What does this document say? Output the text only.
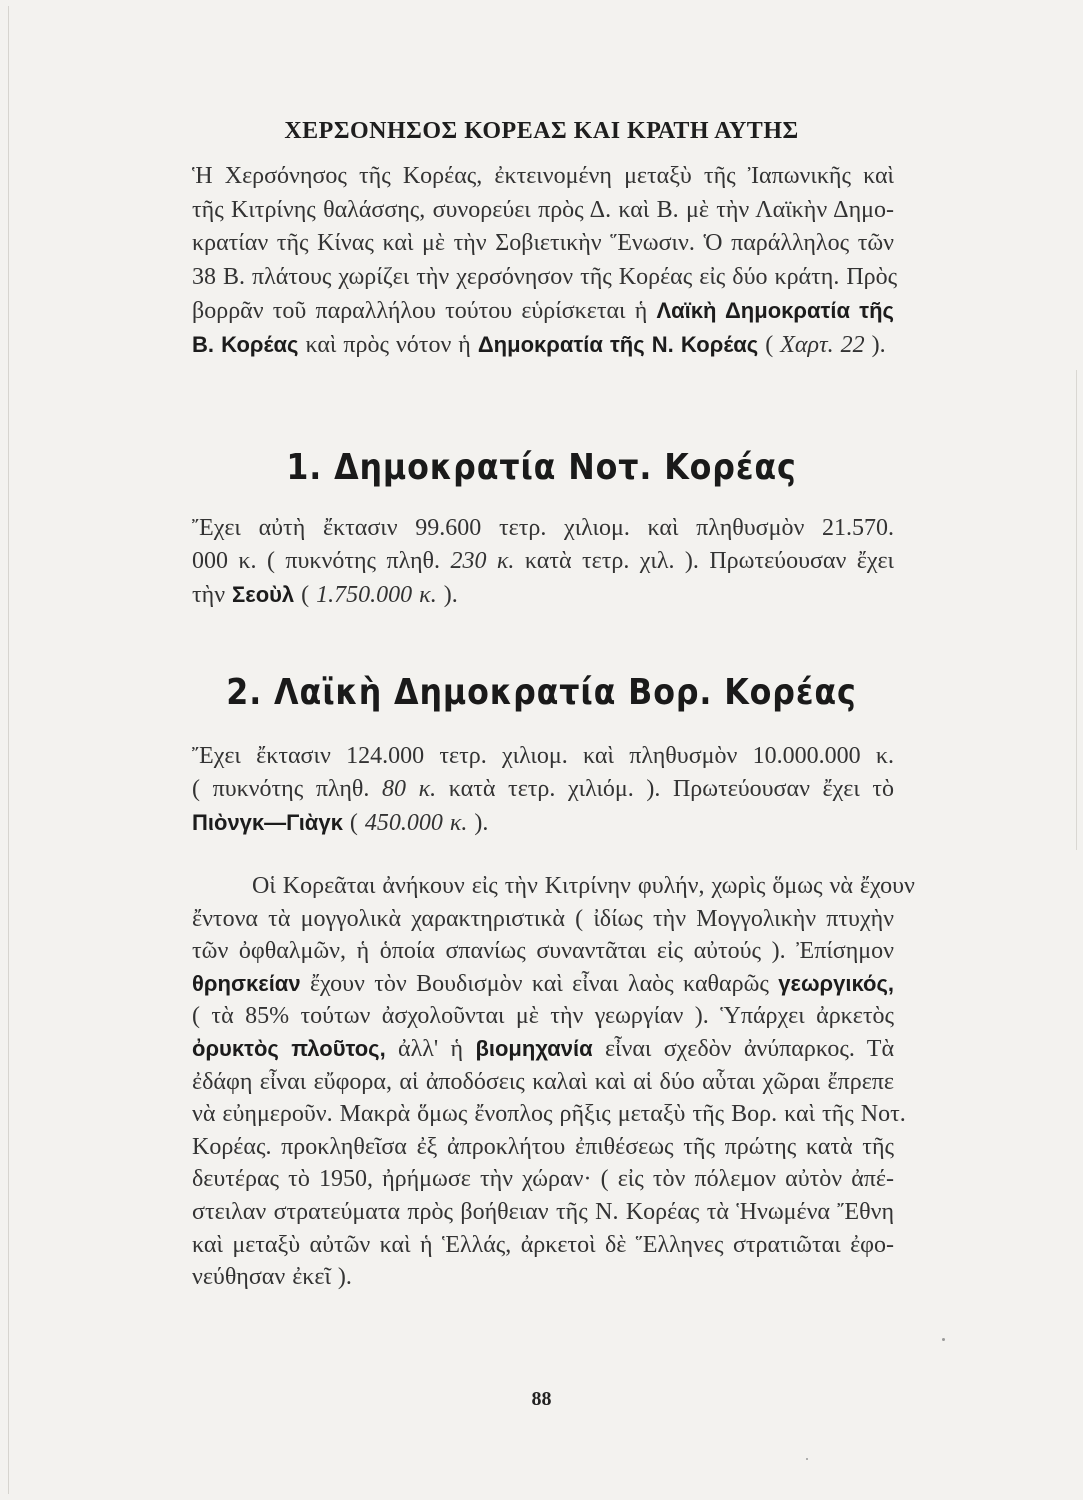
ΧΕΡΣΟΝΗΣΟΣ ΚΟΡΕΑΣ ΚΑΙ ΚΡΑΤΗ ΑΥΤΗΣ
Ἡ Χερσόνησος τῆς Κορέας, ἐκτεινομένη μεταξὺ τῆς Ἰαπωνικῆς καὶ
τῆς Κιτρίνης θαλάσσης, συνορεύει πρὸς Δ. καὶ Β. μὲ τὴν Λαϊκὴν Δημο-
κρατίαν τῆς Κίνας καὶ μὲ τὴν Σοβιετικὴν Ἕνωσιν. Ὁ παράλληλος τῶν
38 Β. πλάτους χωρίζει τὴν χερσόνησον τῆς Κορέας εἰς δύο κράτη. Πρὸς
βορρᾶν τοῦ παραλλήλου τούτου εὑρίσκεται ἡ Λαϊκὴ Δημοκρατία τῆς
Β. Κορέας καὶ πρὸς νότον ἡ Δημοκρατία τῆς Ν. Κορέας ( Χαρτ. 22 ).
1. Δημοκρατία Νοτ. Κορέας
Ἔχει αὐτὴ ἔκτασιν 99.600 τετρ. χιλιομ. καὶ πληθυσμὸν 21.570.
000 κ. ( πυκνότης πληθ. 230 κ. κατὰ τετρ. χιλ. ). Πρωτεύουσαν ἔχει
τὴν Σεοὺλ ( 1.750.000 κ. ).
2. Λαϊκὴ Δημοκρατία Βορ. Κορέας
Ἔχει ἔκτασιν 124.000 τετρ. χιλιομ. καὶ πληθυσμὸν 10.000.000 κ.
( πυκνότης πληθ. 80 κ. κατὰ τετρ. χιλιόμ. ). Πρωτεύουσαν ἔχει τὸ
Πιὸνγκ—Γιὰγκ ( 450.000 κ. ).
Οἱ Κορεᾶται ἀνήκουν εἰς τὴν Κιτρίνην φυλήν, χωρὶς ὅμως νὰ ἔχουν
ἔντονα τὰ μογγολικὰ χαρακτηριστικὰ ( ἰδίως τὴν Μογγολικὴν πτυχὴν
τῶν ὀφθαλμῶν, ἡ ὁποία σπανίως συναντᾶται εἰς αὐτούς ). Ἐπίσημον
θρησκείαν ἔχουν τὸν Βουδισμὸν καὶ εἶναι λαὸς καθαρῶς γεωργικός,
( τὰ 85% τούτων ἀσχολοῦνται μὲ τὴν γεωργίαν ). Ὑπάρχει ἀρκετὸς
ὀρυκτὸς πλοῦτος, ἀλλ' ἡ βιομηχανία εἶναι σχεδὸν ἀνύπαρκος. Τὰ
ἐδάφη εἶναι εὔφορα, αἱ ἀποδόσεις καλαὶ καὶ αἱ δύο αὗται χῶραι ἔπρεπε
νὰ εὐημεροῦν. Μακρὰ ὅμως ἔνοπλος ρῆξις μεταξὺ τῆς Βορ. καὶ τῆς Νοτ.
Κορέας. προκληθεῖσα ἐξ ἀπροκλήτου ἐπιθέσεως τῆς πρώτης κατὰ τῆς
δευτέρας τὸ 1950, ἠρήμωσε τὴν χώραν· ( εἰς τὸν πόλεμον αὐτὸν ἀπέ-
στειλαν στρατεύματα πρὸς βοήθειαν τῆς Ν. Κορέας τὰ Ἡνωμένα Ἔθνη
καὶ μεταξὺ αὐτῶν καὶ ἡ Ἑλλάς, ἀρκετοὶ δὲ Ἕλληνες στρατιῶται ἐφο-
νεύθησαν ἐκεῖ ).
88
